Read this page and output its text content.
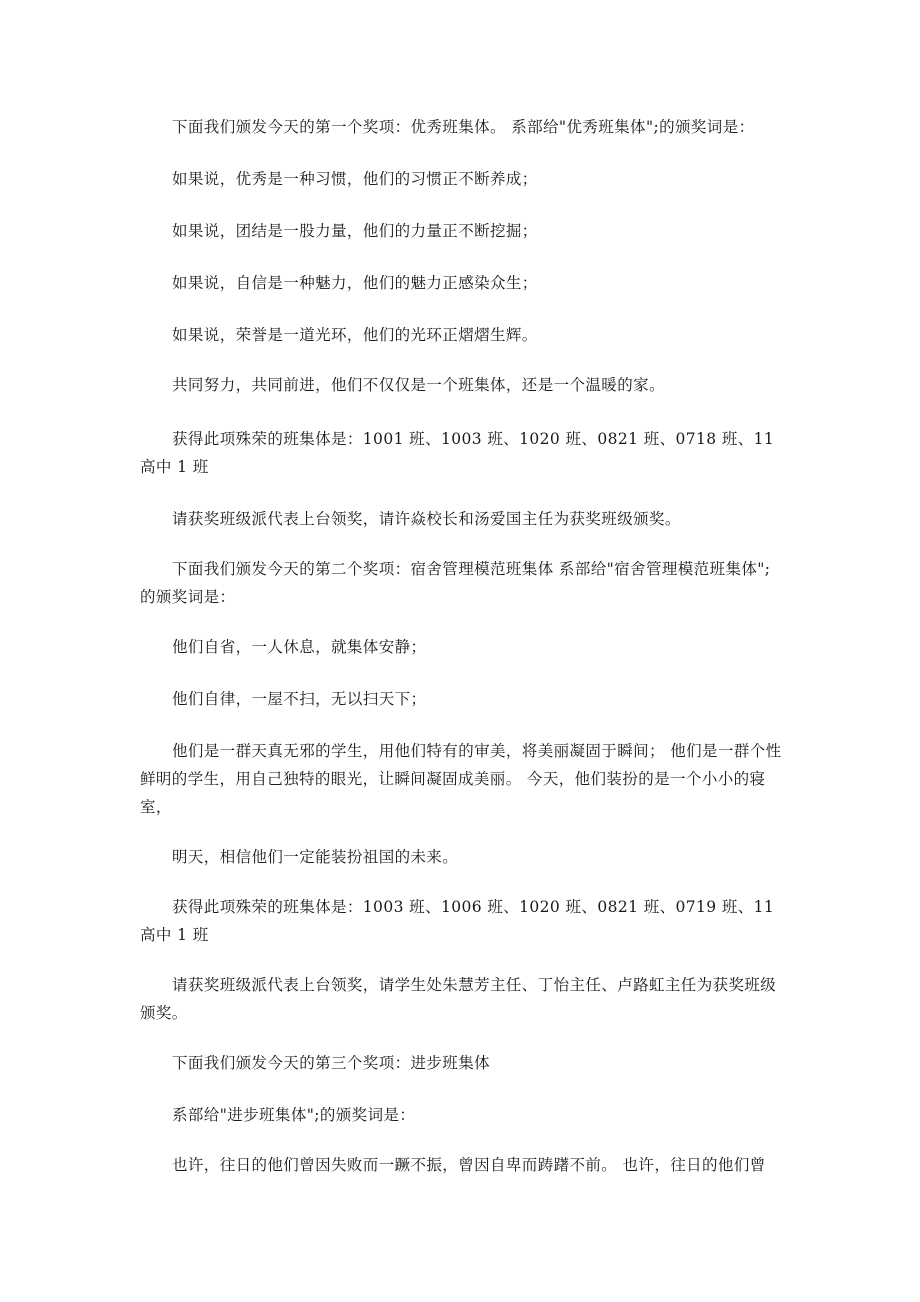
下面我们颁发今天的第一个奖项：优秀班集体。 系部给"优秀班集体";的颁奖词是：

如果说，优秀是一种习惯，他们的习惯正不断养成；

如果说，团结是一股力量，他们的力量正不断挖掘；

如果说，自信是一种魅力，他们的魅力正感染众生；

如果说，荣誉是一道光环，他们的光环正熠熠生辉。

共同努力，共同前进，他们不仅仅是一个班集体，还是一个温暖的家。

获得此项殊荣的班集体是：1001 班、1003 班、1020 班、0821 班、0718 班、11 高中 1 班

请获奖班级派代表上台领奖，请许焱校长和汤爱国主任为获奖班级颁奖。

下面我们颁发今天的第二个奖项：宿舍管理模范班集体 系部给"宿舍管理模范班集体";的颁奖词是：

他们自省，一人休息，就集体安静；

他们自律，一屋不扫，无以扫天下；

他们是一群天真无邪的学生，用他们特有的审美，将美丽凝固于瞬间； 他们是一群个性鲜明的学生，用自己独特的眼光，让瞬间凝固成美丽。 今天，他们装扮的是一个小小的寝室，

明天，相信他们一定能装扮祖国的未来。

获得此项殊荣的班集体是：1003 班、1006 班、1020 班、0821 班、0719 班、11 高中 1 班

请获奖班级派代表上台领奖，请学生处朱慧芳主任、丁怡主任、卢路虹主任为获奖班级颁奖。

下面我们颁发今天的第三个奖项：进步班集体

系部给"进步班集体";的颁奖词是：

也许，往日的他们曾因失败而一蹶不振，曾因自卑而踌躇不前。 也许，往日的他们曾
